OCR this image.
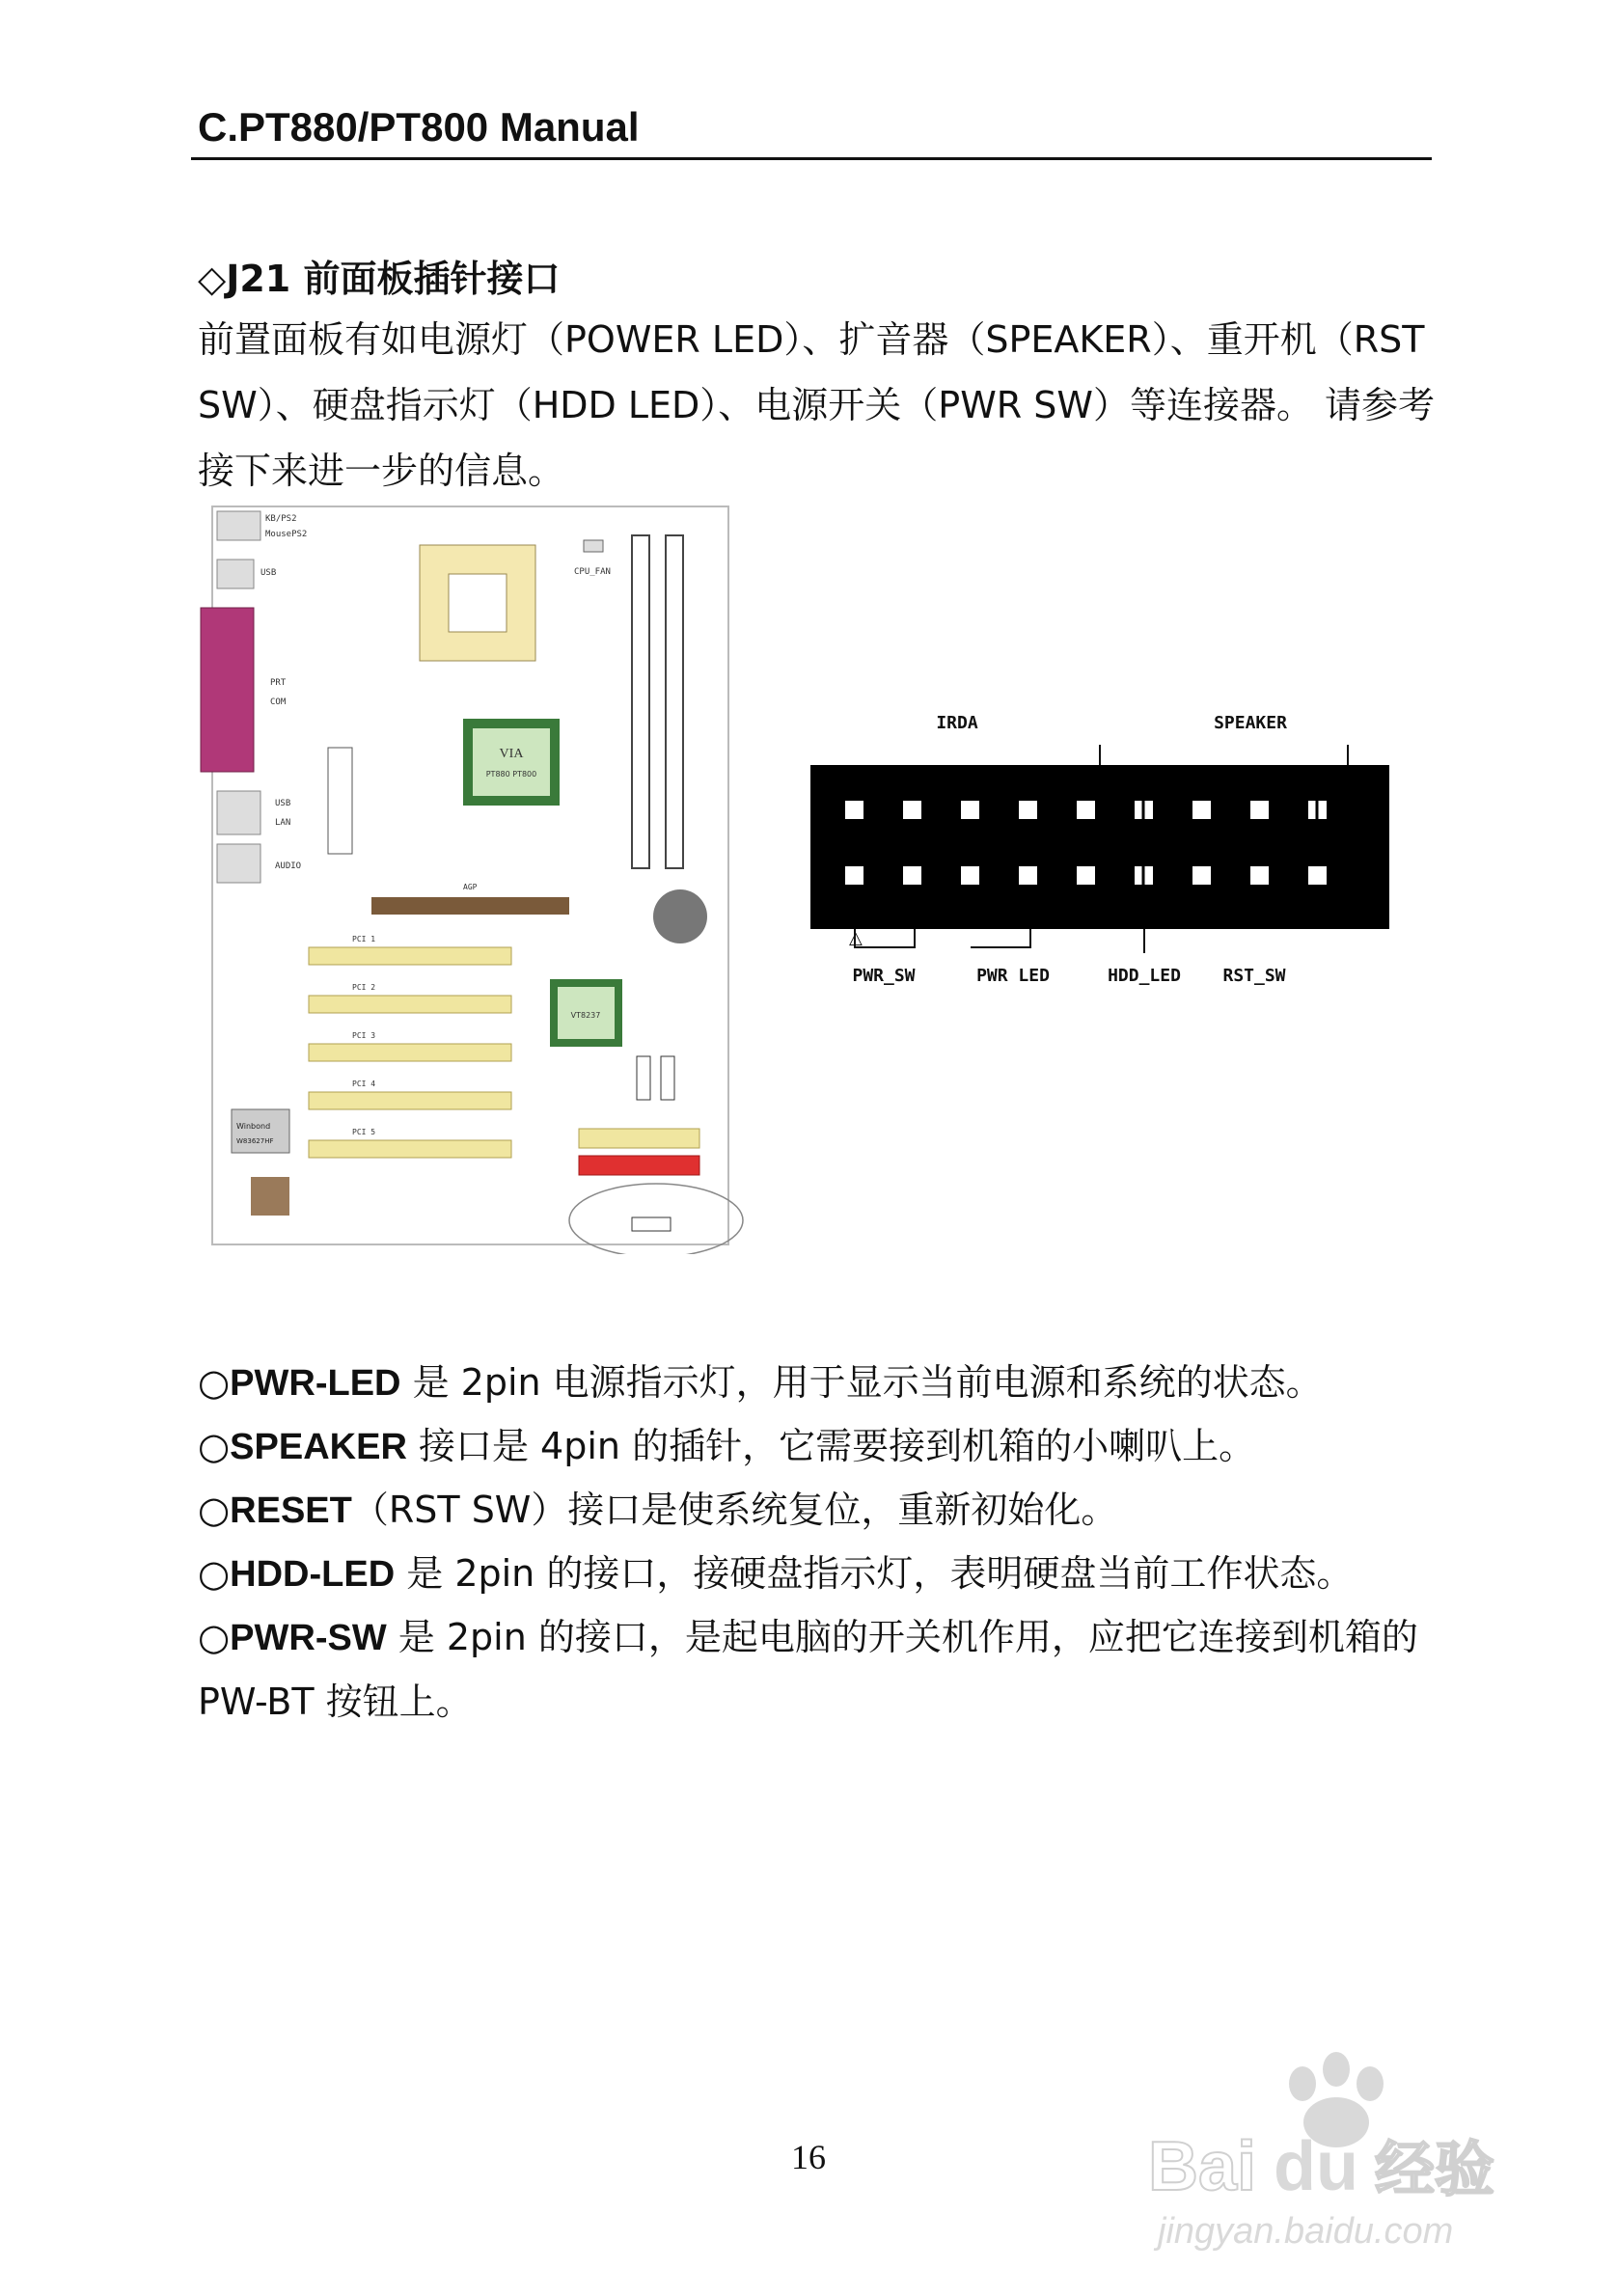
C.PT880/PT800 Manual
◇J21 前面板插针接口
前置面板有如电源灯（POWER LED）、扩音器（SPEAKER）、重开机（RST SW）、硬盘指示灯（HDD LED）、电源开关（PWR SW）等连接器。 请参考接下来进一步的信息。
KB/PS2
MousePS2
USB
PRT
COM
USB
LAN
AUDIO
CPU_FAN
VIA
PT880 PT800
AGP
VT8237
PCI 1
PCI 2
PCI 3
PCI 4
PCI 5
Winbond
W83627HF
IRDA	SPEAKER
△
PWR_SW	PWR LED	HDD_LED RST_SW
○PWR-LED 是 2pin 电源指示灯，用于显示当前电源和系统的状态。
○SPEAKER 接口是 4pin 的插针，它需要接到机箱的小喇叭上。
○RESET（RST SW）接口是使系统复位，重新初始化。
○HDD-LED 是 2pin 的接口，接硬盘指示灯，表明硬盘当前工作状态。
○PWR-SW 是 2pin 的接口，是起电脑的开关机作用，应把它连接到机箱的 PW-BT 按钮上。
16	Bai du 经验
jingyan.baidu.com
